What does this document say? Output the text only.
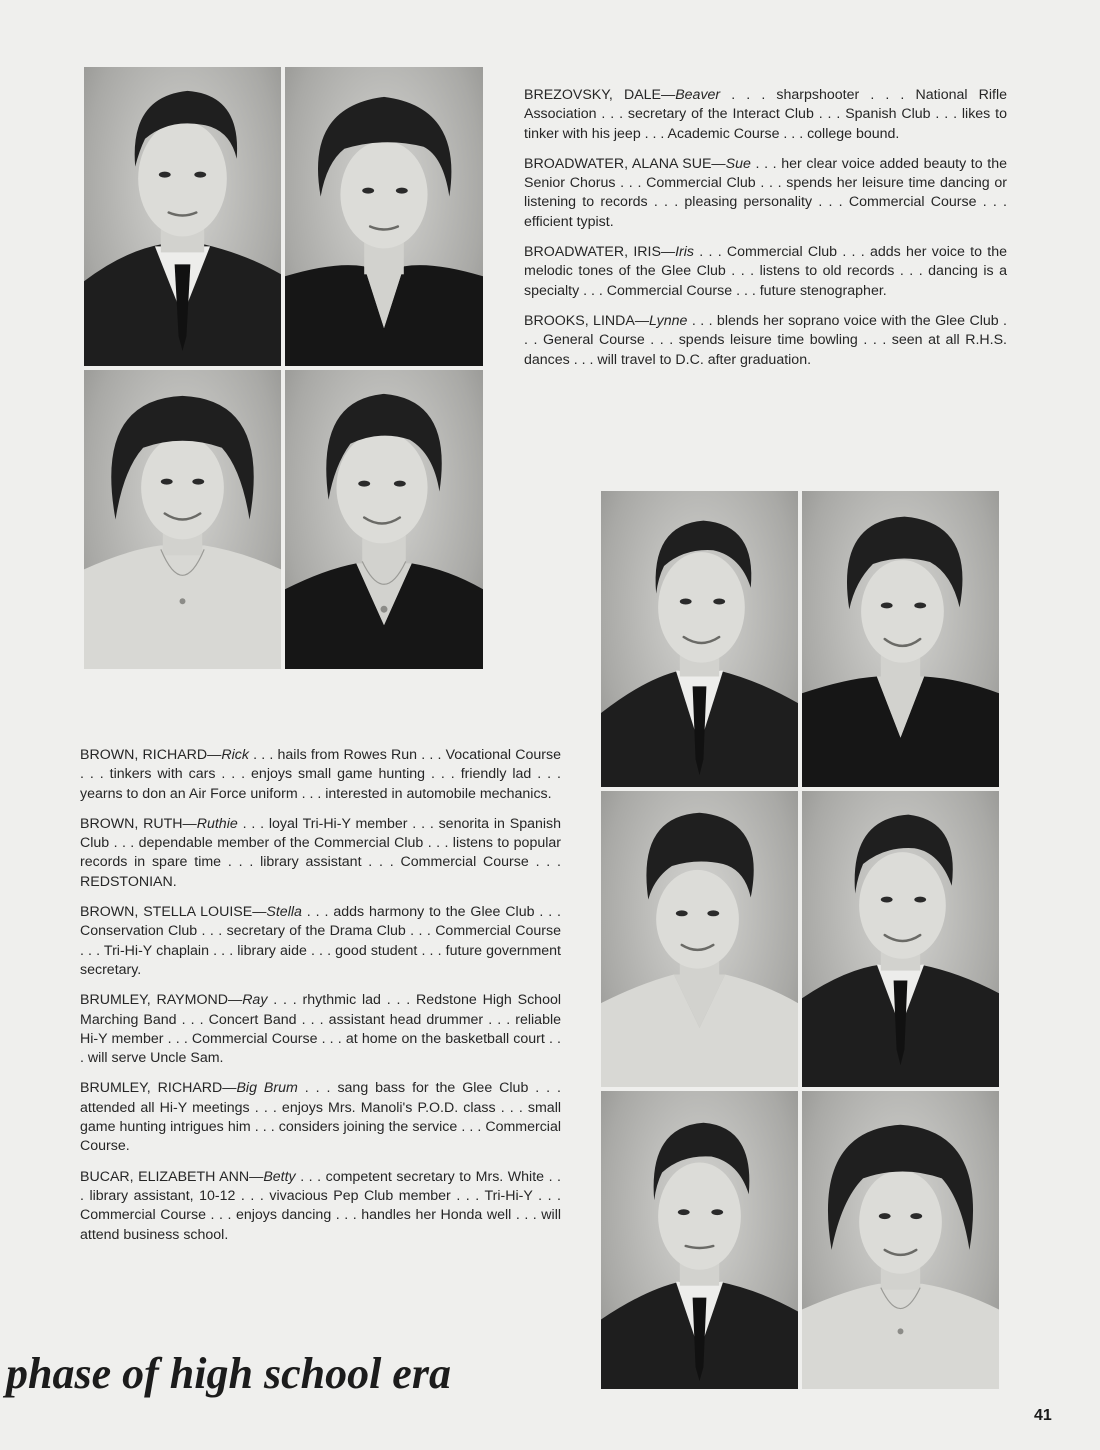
BREZOVSKY, DALE—Beaver . . . sharpshooter . . . National Rifle Association . . . secretary of the Interact Club . . . Spanish Club . . . likes to tinker with his jeep . . . Academic Course . . . college bound.

BROADWATER, ALANA SUE—Sue . . . her clear voice added beauty to the Senior Chorus . . . Commercial Club . . . spends her leisure time dancing or listening to records . . . pleasing personality . . . Commercial Course . . . efficient typist.

BROADWATER, IRIS—Iris . . . Commercial Club . . . adds her voice to the melodic tones of the Glee Club . . . listens to old records . . . dancing is a specialty . . . Commercial Course . . . future stenographer.

BROOKS, LINDA—Lynne . . . blends her soprano voice with the Glee Club . . . General Course . . . spends leisure time bowling . . . seen at all R.H.S. dances . . . will travel to D.C. after graduation.

BROWN, RICHARD—Rick . . . hails from Rowes Run . . . Vocational Course . . . tinkers with cars . . . enjoys small game hunting . . . friendly lad . . . yearns to don an Air Force uniform . . . interested in automobile mechanics.

BROWN, RUTH—Ruthie . . . loyal Tri-Hi-Y member . . . senorita in Spanish Club . . . dependable member of the Commercial Club . . . listens to popular records in spare time . . . library assistant . . . Commercial Course . . . REDSTONIAN.

BROWN, STELLA LOUISE—Stella . . . adds harmony to the Glee Club . . . Conservation Club . . . secretary of the Drama Club . . . Commercial Course . . . Tri-Hi-Y chaplain . . . library aide . . . good student . . . future government secretary.

BRUMLEY, RAYMOND—Ray . . . rhythmic lad . . . Redstone High School Marching Band . . . Concert Band . . . assistant head drummer . . . reliable Hi-Y member . . . Commercial Course . . . at home on the basketball court . . . will serve Uncle Sam.

BRUMLEY, RICHARD—Big Brum . . . sang bass for the Glee Club . . . attended all Hi-Y meetings . . . enjoys Mrs. Manoli's P.O.D. class . . . small game hunting intrigues him . . . considers joining the service . . . Commercial Course.

BUCAR, ELIZABETH ANN—Betty . . . competent secretary to Mrs. White . . . library assistant, 10-12 . . . vivacious Pep Club member . . . Tri-Hi-Y . . . Commercial Course . . . enjoys dancing . . . handles her Honda well . . . will attend business school.

phase of high school era

41
